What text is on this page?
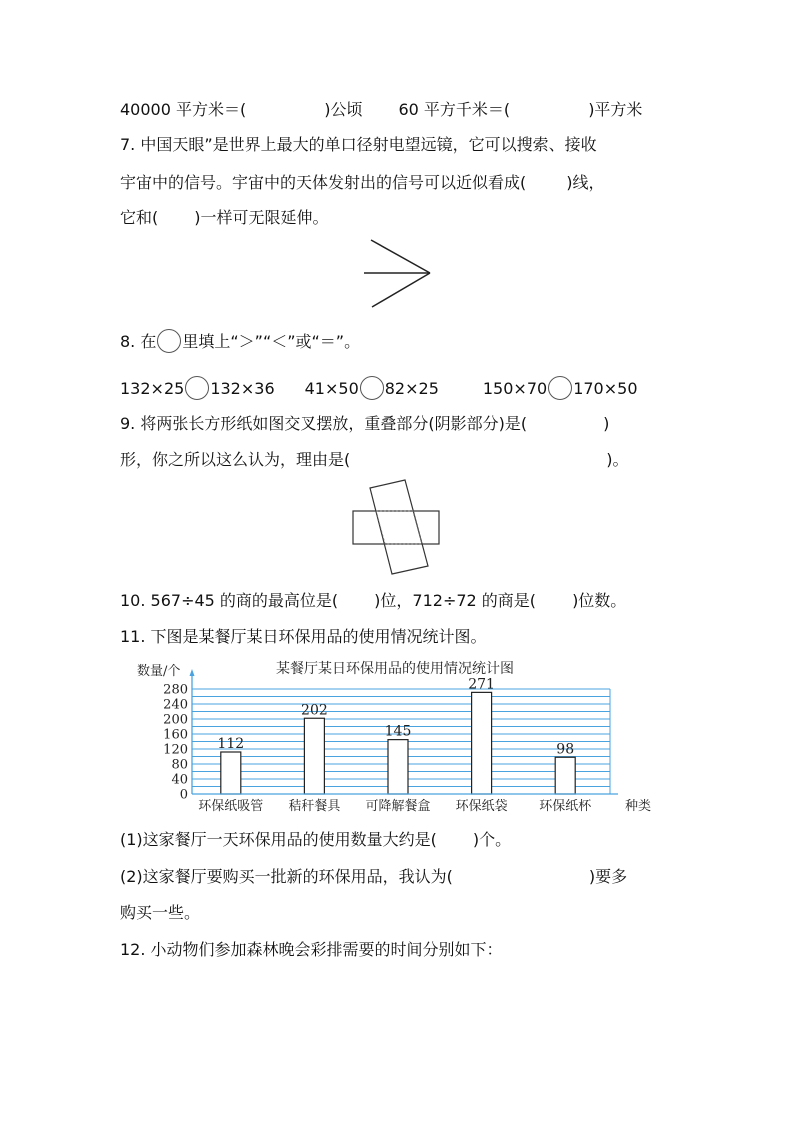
40000 平方米＝(	)公顷 60 平方千米＝(	)平方米
7. 中国天眼”是世界上最大的单口径射电望远镜，它可以搜索、接收
宇宙中的信号。宇宙中的天体发射出的信号可以近似看成(	)线，
它和( )一样可无限延伸。
8. 在 里填上“＞”“＜”或“＝”。
132×25 132×36 41×50 82×25	150×70 170×50
9. 将两张长方形纸如图交叉摆放，重叠部分(阴影部分)是(	)
形，你之所以这么认为，理由是(	)。
10. 567÷45 的商的最高位是( )位，712÷72 的商是( )位数。
11. 下图是某餐厅某日环保用品的使用情况统计图。
某餐厅某日环保用品的使用情况统计图
数量/个
种类
0
40
80
120
160
200
240
280
环保纸吸管 秸秆餐具 可降解餐盒 环保纸袋 环保纸杯
112
202
145
271
98
(1)这家餐厅一天环保用品的使用数量大约是( )个。
(2)这家餐厅要购买一批新的环保用品，我认为(	)要多
购买一些。
12. 小动物们参加森林晚会彩排需要的时间分别如下：
